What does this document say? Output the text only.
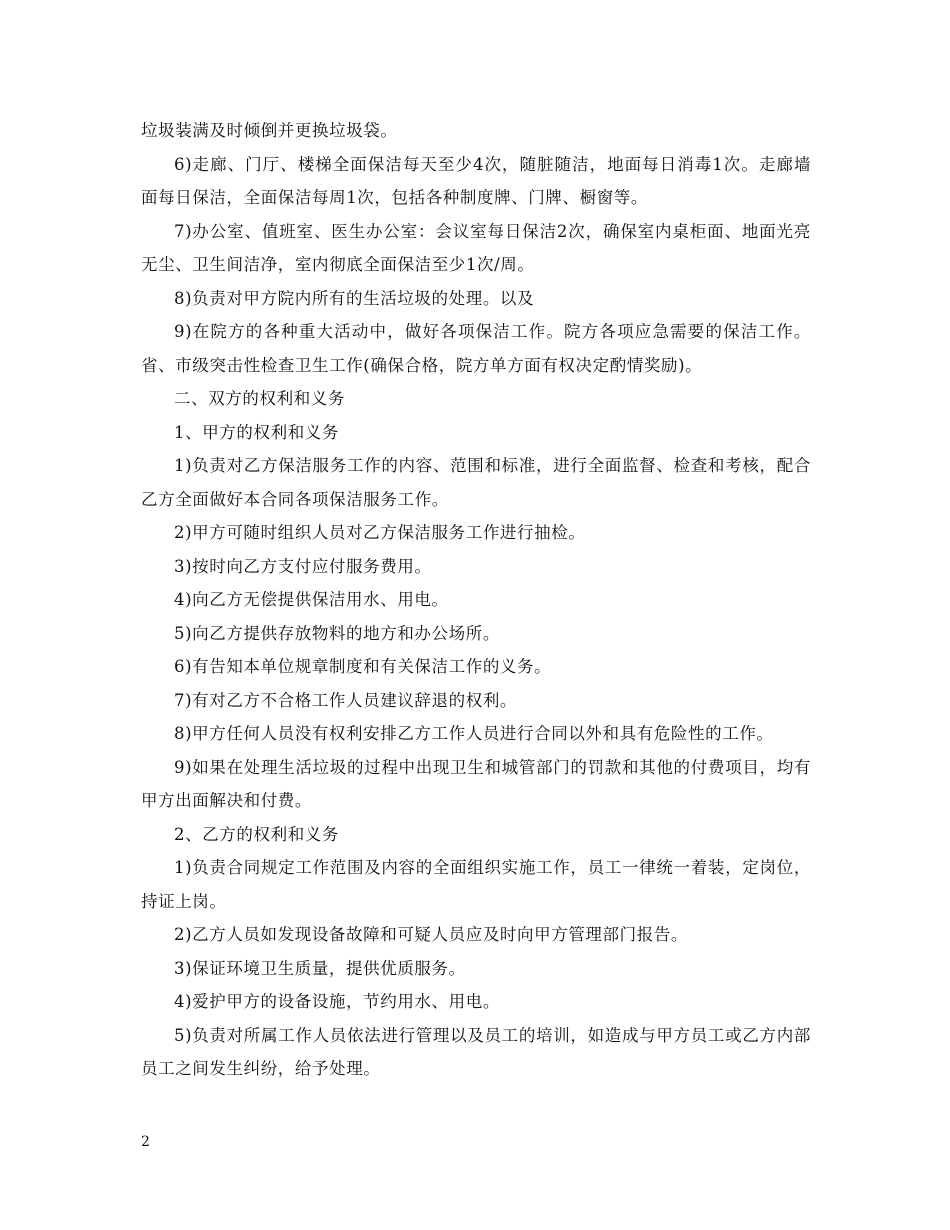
垃圾装满及时倾倒并更换垃圾袋。

6)走廊、门厅、楼梯全面保洁每天至少4次，随脏随洁，地面每日消毒1次。走廊墙面每日保洁，全面保洁每周1次，包括各种制度牌、门牌、橱窗等。

7)办公室、值班室、医生办公室：会议室每日保洁2次，确保室内桌柜面、地面光亮无尘、卫生间洁净，室内彻底全面保洁至少1次/周。

8)负责对甲方院内所有的生活垃圾的处理。以及

9)在院方的各种重大活动中，做好各项保洁工作。院方各项应急需要的保洁工作。省、市级突击性检查卫生工作(确保合格，院方单方面有权决定酌情奖励)。

二、双方的权利和义务

1、甲方的权利和义务

1)负责对乙方保洁服务工作的内容、范围和标准，进行全面监督、检查和考核，配合乙方全面做好本合同各项保洁服务工作。

2)甲方可随时组织人员对乙方保洁服务工作进行抽检。

3)按时向乙方支付应付服务费用。

4)向乙方无偿提供保洁用水、用电。

5)向乙方提供存放物料的地方和办公场所。

6)有告知本单位规章制度和有关保洁工作的义务。

7)有对乙方不合格工作人员建议辞退的权利。

8)甲方任何人员没有权利安排乙方工作人员进行合同以外和具有危险性的工作。

9)如果在处理生活垃圾的过程中出现卫生和城管部门的罚款和其他的付费项目，均有甲方出面解决和付费。

2、乙方的权利和义务

1)负责合同规定工作范围及内容的全面组织实施工作，员工一律统一着装，定岗位，持证上岗。

2)乙方人员如发现设备故障和可疑人员应及时向甲方管理部门报告。

3)保证环境卫生质量，提供优质服务。

4)爱护甲方的设备设施，节约用水、用电。

5)负责对所属工作人员依法进行管理以及员工的培训，如造成与甲方员工或乙方内部员工之间发生纠纷，给予处理。

2
